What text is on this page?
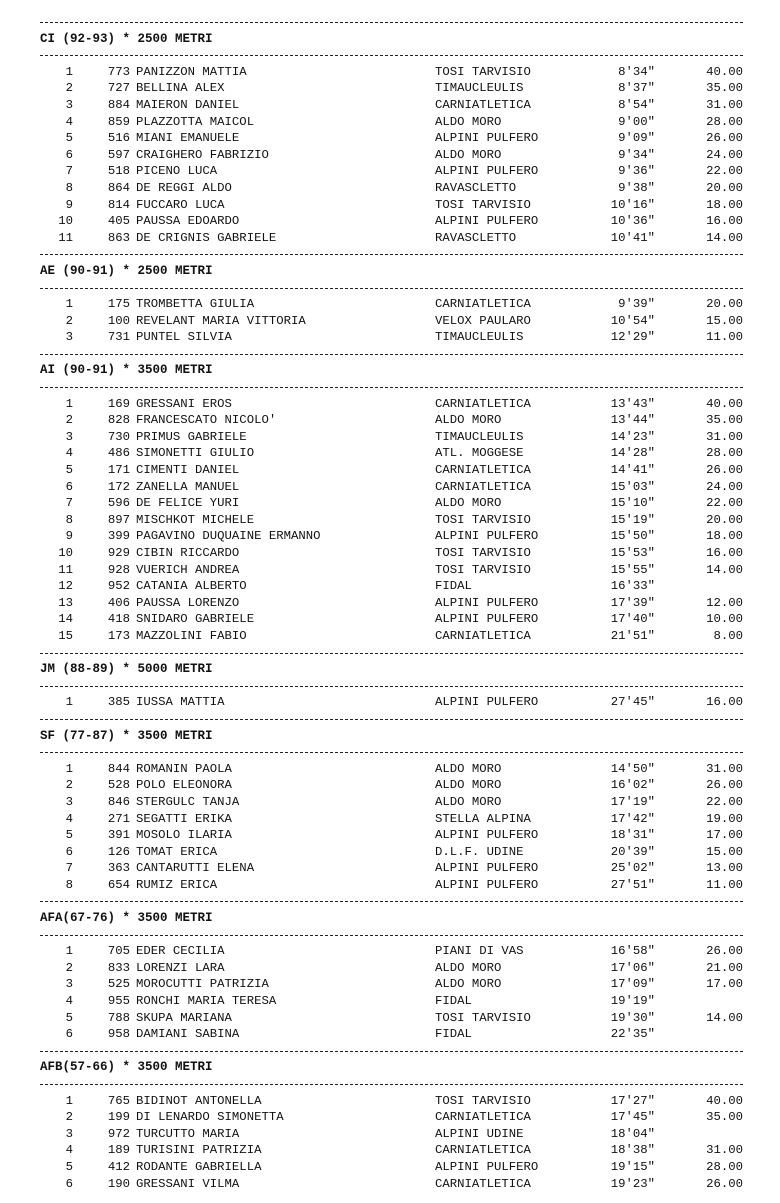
CI (92-93) * 2500 METRI
1	773 PANIZZON MATTIA	TOSI TARVISIO	8'34"	40.00
2	727 BELLINA ALEX	TIMAUCLEULIS	8'37"	35.00
3	884 MAIERON DANIEL	CARNIATLETICA	8'54"	31.00
4	859 PLAZZOTTA MAICOL	ALDO MORO	9'00"	28.00
5	516 MIANI EMANUELE	ALPINI PULFERO	9'09"	26.00
6	597 CRAIGHERO FABRIZIO	ALDO MORO	9'34"	24.00
7	518 PICENO LUCA	ALPINI PULFERO	9'36"	22.00
8	864 DE REGGI ALDO	RAVASCLETTO	9'38"	20.00
9	814 FUCCARO LUCA	TOSI TARVISIO	10'16"	18.00
10	405 PAUSSA EDOARDO	ALPINI PULFERO	10'36"	16.00
11	863 DE CRIGNIS GABRIELE	RAVASCLETTO	10'41"	14.00
AE (90-91) * 2500 METRI
1	175 TROMBETTA GIULIA	CARNIATLETICA	9'39"	20.00
2	100 REVELANT MARIA VITTORIA	VELOX PAULARO	10'54"	15.00
3	731 PUNTEL SILVIA	TIMAUCLEULIS	12'29"	11.00
AI (90-91) * 3500 METRI
1	169 GRESSANI EROS	CARNIATLETICA	13'43"	40.00
2	828 FRANCESCATO NICOLO'	ALDO MORO	13'44"	35.00
3	730 PRIMUS GABRIELE	TIMAUCLEULIS	14'23"	31.00
4	486 SIMONETTI GIULIO	ATL. MOGGESE	14'28"	28.00
5	171 CIMENTI DANIEL	CARNIATLETICA	14'41"	26.00
6	172 ZANELLA MANUEL	CARNIATLETICA	15'03"	24.00
7	596 DE FELICE YURI	ALDO MORO	15'10"	22.00
8	897 MISCHKOT MICHELE	TOSI TARVISIO	15'19"	20.00
9	399 PAGAVINO DUQUAINE ERMANNO	ALPINI PULFERO	15'50"	18.00
10	929 CIBIN RICCARDO	TOSI TARVISIO	15'53"	16.00
11	928 VUERICH ANDREA	TOSI TARVISIO	15'55"	14.00
12	952 CATANIA ALBERTO	FIDAL	16'33"
13	406 PAUSSA LORENZO	ALPINI PULFERO	17'39"	12.00
14	418 SNIDARO GABRIELE	ALPINI PULFERO	17'40"	10.00
15	173 MAZZOLINI FABIO	CARNIATLETICA	21'51"	8.00
JM (88-89) * 5000 METRI
1	385 IUSSA MATTIA	ALPINI PULFERO	27'45"	16.00
SF (77-87) * 3500 METRI
1	844 ROMANIN PAOLA	ALDO MORO	14'50"	31.00
2	528 POLO ELEONORA	ALDO MORO	16'02"	26.00
3	846 STERGULC TANJA	ALDO MORO	17'19"	22.00
4	271 SEGATTI ERIKA	STELLA ALPINA	17'42"	19.00
5	391 MOSOLO ILARIA	ALPINI PULFERO	18'31"	17.00
6	126 TOMAT ERICA	D.L.F. UDINE	20'39"	15.00
7	363 CANTARUTTI ELENA	ALPINI PULFERO	25'02"	13.00
8	654 RUMIZ ERICA	ALPINI PULFERO	27'51"	11.00
AFA(67-76) * 3500 METRI
1	705 EDER CECILIA	PIANI DI VAS	16'58"	26.00
2	833 LORENZI LARA	ALDO MORO	17'06"	21.00
3	525 MOROCUTTI PATRIZIA	ALDO MORO	17'09"	17.00
4	955 RONCHI MARIA TERESA	FIDAL	19'19"
5	788 SKUPA MARIANA	TOSI TARVISIO	19'30"	14.00
6	958 DAMIANI SABINA	FIDAL	22'35"
AFB(57-66) * 3500 METRI
1	765 BIDINOT ANTONELLA	TOSI TARVISIO	17'27"	40.00
2	199 DI LENARDO SIMONETTA	CARNIATLETICA	17'45"	35.00
3	972 TURCUTTO MARIA	ALPINI UDINE	18'04"
4	189 TURISINI PATRIZIA	CARNIATLETICA	18'38"	31.00
5	412 RODANTE GABRIELLA	ALPINI PULFERO	19'15"	28.00
6	190 GRESSANI VILMA	CARNIATLETICA	19'23"	26.00
